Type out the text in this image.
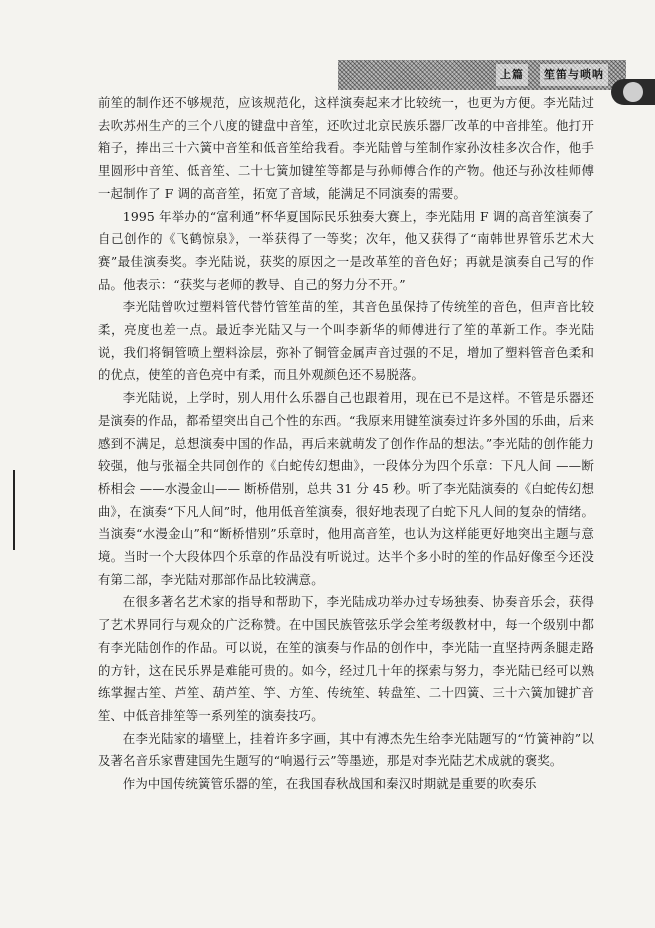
上篇	笙笛与唢呐

前笙的制作还不够规范，应该规范化，这样演奏起来才比较统一，也更为方便。李光陆过去吹苏州生产的三个八度的键盘中音笙，还吹过北京民族乐器厂改革的中音排笙。他打开箱子，捧出三十六簧中音笙和低音笙给我看。李光陆曾与笙制作家孙汝桂多次合作，他手里圆形中音笙、低音笙、二十七簧加键笙等都是与孙师傅合作的产物。他还与孙汝桂师傅一起制作了 F 调的高音笙，拓宽了音域，能满足不同演奏的需要。

1995 年举办的“富利通”杯华夏国际民乐独奏大赛上，李光陆用 F 调的高音笙演奏了自己创作的《飞鹤惊泉》，一举获得了一等奖；次年，他又获得了“南韩世界管乐艺术大赛”最佳演奏奖。李光陆说，获奖的原因之一是改革笙的音色好；再就是演奏自己写的作品。他表示：“获奖与老师的教导、自己的努力分不开。”

李光陆曾吹过塑料管代替竹管笙苗的笙，其音色虽保持了传统笙的音色，但声音比较柔，亮度也差一点。最近李光陆又与一个叫李新华的师傅进行了笙的革新工作。李光陆说，我们将铜管喷上塑料涂层，弥补了铜管金属声音过强的不足，增加了塑料管音色柔和的优点，使笙的音色亮中有柔，而且外观颜色还不易脱落。

李光陆说，上学时，别人用什么乐器自己也跟着用，现在已不是这样。不管是乐器还是演奏的作品，都希望突出自己个性的东西。“我原来用键笙演奏过许多外国的乐曲，后来感到不满足，总想演奏中国的作品，再后来就萌发了创作作品的想法。”李光陆的创作能力较强，他与张福全共同创作的《白蛇传幻想曲》，一段体分为四个乐章：下凡人间 ——断桥相会 ——水漫金山—— 断桥借别，总共 31 分 45 秒。听了李光陆演奏的《白蛇传幻想曲》，在演奏“下凡人间”时，他用低音笙演奏，很好地表现了白蛇下凡人间的复杂的情绪。当演奏“水漫金山”和“断桥惜别”乐章时，他用高音笙，也认为这样能更好地突出主题与意境。当时一个大段体四个乐章的作品没有听说过。达半个多小时的笙的作品好像至今还没有第二部，李光陆对那部作品比较满意。

在很多著名艺术家的指导和帮助下，李光陆成功举办过专场独奏、协奏音乐会，获得了艺术界同行与观众的广泛称赞。在中国民族管弦乐学会笙考级教材中，每一个级别中都有李光陆创作的作品。可以说，在笙的演奏与作品的创作中，李光陆一直坚持两条腿走路的方针，这在民乐界是难能可贵的。如今，经过几十年的探索与努力，李光陆已经可以熟练掌握古笙、芦笙、葫芦笙、竽、方笙、传统笙、转盘笙、二十四簧、三十六簧加键扩音笙、中低音排笙等一系列笙的演奏技巧。

在李光陆家的墙壁上，挂着许多字画，其中有溥杰先生给李光陆题写的“竹簧神韵”以及著名音乐家曹建国先生题写的“响遏行云”等墨迹，那是对李光陆艺术成就的褒奖。

作为中国传统簧管乐器的笙，在我国春秋战国和秦汉时期就是重要的吹奏乐
